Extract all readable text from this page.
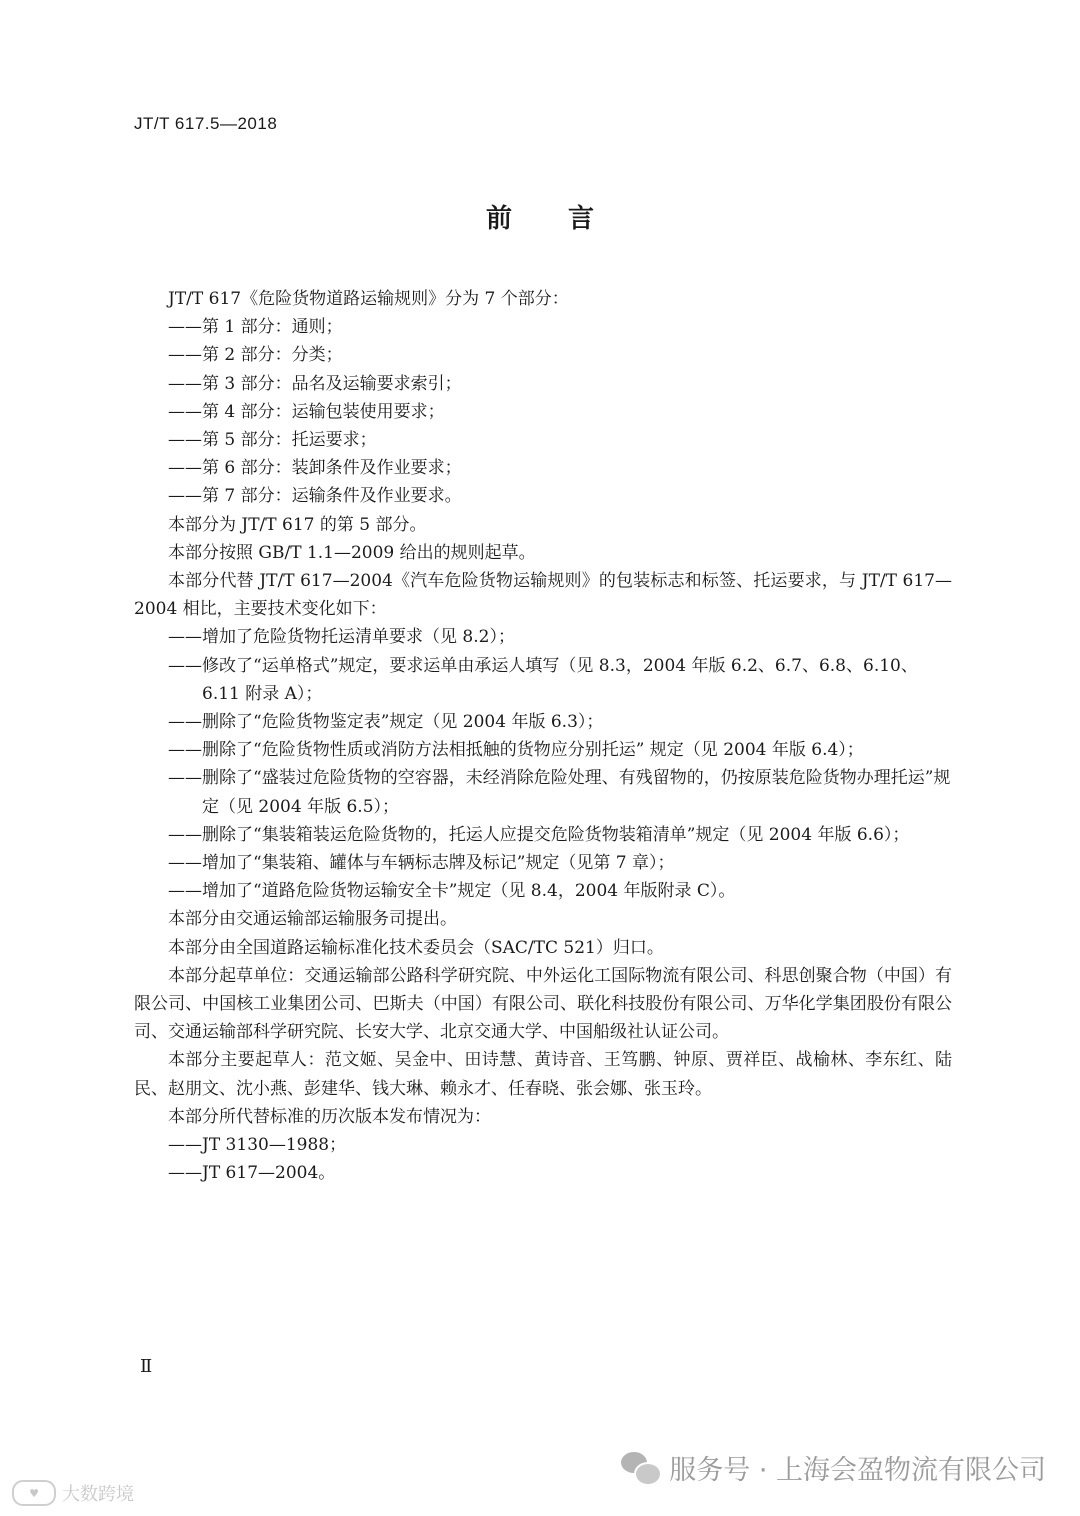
JT/T 617.5—2018
前 言

JT/T 617《危险货物道路运输规则》分为 7 个部分：

——第 1 部分：通则；

——第 2 部分：分类；

——第 3 部分：品名及运输要求索引；

——第 4 部分：运输包装使用要求；

——第 5 部分：托运要求；

——第 6 部分：装卸条件及作业要求；

——第 7 部分：运输条件及作业要求。

本部分为 JT/T 617 的第 5 部分。

本部分按照 GB/T 1.1—2009 给出的规则起草。

本部分代替 JT/T 617—2004《汽车危险货物运输规则》的包装标志和标签、托运要求，与 JT/T 617—2004 相比，主要技术变化如下：

——增加了危险货物托运清单要求（见 8.2）；

——修改了“运单格式”规定，要求运单由承运人填写（见 8.3，2004 年版 6.2、6.7、6.8、6.10、6.11 附录 A）；

——删除了“危险货物鉴定表”规定（见 2004 年版 6.3）；

——删除了“危险货物性质或消防方法相抵触的货物应分别托运” 规定（见 2004 年版 6.4）；

——删除了“盛装过危险货物的空容器，未经消除危险处理、有残留物的，仍按原装危险货物办理托运”规定（见 2004 年版 6.5）；

——删除了“集装箱装运危险货物的，托运人应提交危险货物装箱清单”规定（见 2004 年版 6.6）；

——增加了“集装箱、罐体与车辆标志牌及标记”规定（见第 7 章）；

——增加了“道路危险货物运输安全卡”规定（见 8.4，2004 年版附录 C）。

本部分由交通运输部运输服务司提出。

本部分由全国道路运输标准化技术委员会（SAC/TC 521）归口。

本部分起草单位：交通运输部公路科学研究院、中外运化工国际物流有限公司、科思创聚合物（中国）有限公司、中国核工业集团公司、巴斯夫（中国）有限公司、联化科技股份有限公司、万华化学集团股份有限公司、交通运输部科学研究院、长安大学、北京交通大学、中国船级社认证公司。

本部分主要起草人：范文姬、吴金中、田诗慧、黄诗音、王笃鹏、钟原、贾祥臣、战榆林、李东红、陆民、赵朋文、沈小燕、彭建华、钱大琳、赖永才、任春晓、张会娜、张玉玲。

本部分所代替标准的历次版本发布情况为：

——JT 3130—1988；

——JT 617—2004。

Ⅱ
♥	大数跨境
服务号 · 上海会盈物流有限公司
